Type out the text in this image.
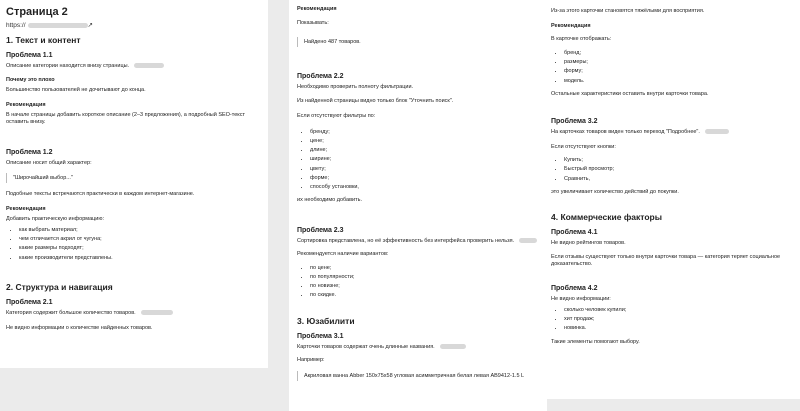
Страница 2
https://	↗
1. Текст и контент
Проблема 1.1

Описание категории находится внизу страницы.

Почему это плохо

Большинство пользователей не дочитывают до конца.

Рекомендация

В начале страницы добавить короткое описание (2–3 предложения), а подробный SEO-текст оставить внизу.

Проблема 1.2

Описание носит общий характер:

"Широчайший выбор..."

Подобные тексты встречаются практически в каждом интернет-магазине.

Рекомендация

Добавить практическую информацию:

• как выбрать материал;
• чем отличается акрил от чугуна;
• какие размеры подходят;
• какие производители представлены.
2. Структура и навигация
Проблема 2.1

Категория содержит большое количество товаров.

Не видно информации о количестве найденных товаров.

Рекомендация

Показывать:

Найдено 487 товаров.
Проблема 2.2

Необходимо проверить полноту фильтрации.

Из найденной страницы видно только блок "Уточнить поиск".

Если отсутствуют фильтры по:

• бренду;
• цене;
• длине;
• ширине;
• цвету;
• форме;
• способу установки,

их необходимо добавить.

Проблема 2.3

Сортировка представлена, но её эффективность без интерфейса проверить нельзя.

Рекомендуется наличие вариантов:

• по цене;
• по популярности;
• по новизне;
• по скидке.
3. Юзабилити
Проблема 3.1

Карточки товаров содержат очень длинные названия.

Например:

Акриловая ванна Abber 150x75x58 угловая асимметричная белая левая AB9412-1.5 L

Из-за этого карточки становятся тяжёлыми для восприятия.

Рекомендация

В карточке отображать:

• бренд;
• размеры;
• форму;
• модель.

Остальные характеристики оставить внутри карточки товара.

Проблема 3.2

На карточках товаров виден только переход "Подробнее".

Если отсутствуют кнопки:

• Купить;
• Быстрый просмотр;
• Сравнить,

это увеличивает количество действий до покупки.

4. Коммерческие факторы
Проблема 4.1

Не видно рейтингов товаров.

Если отзывы существуют только внутри карточки товара — категория теряет социальное доказательство.

Проблема 4.2

Не видно информации:

• сколько человек купили;
• хит продаж;
• новинка.

Такие элементы помогают выбору.
